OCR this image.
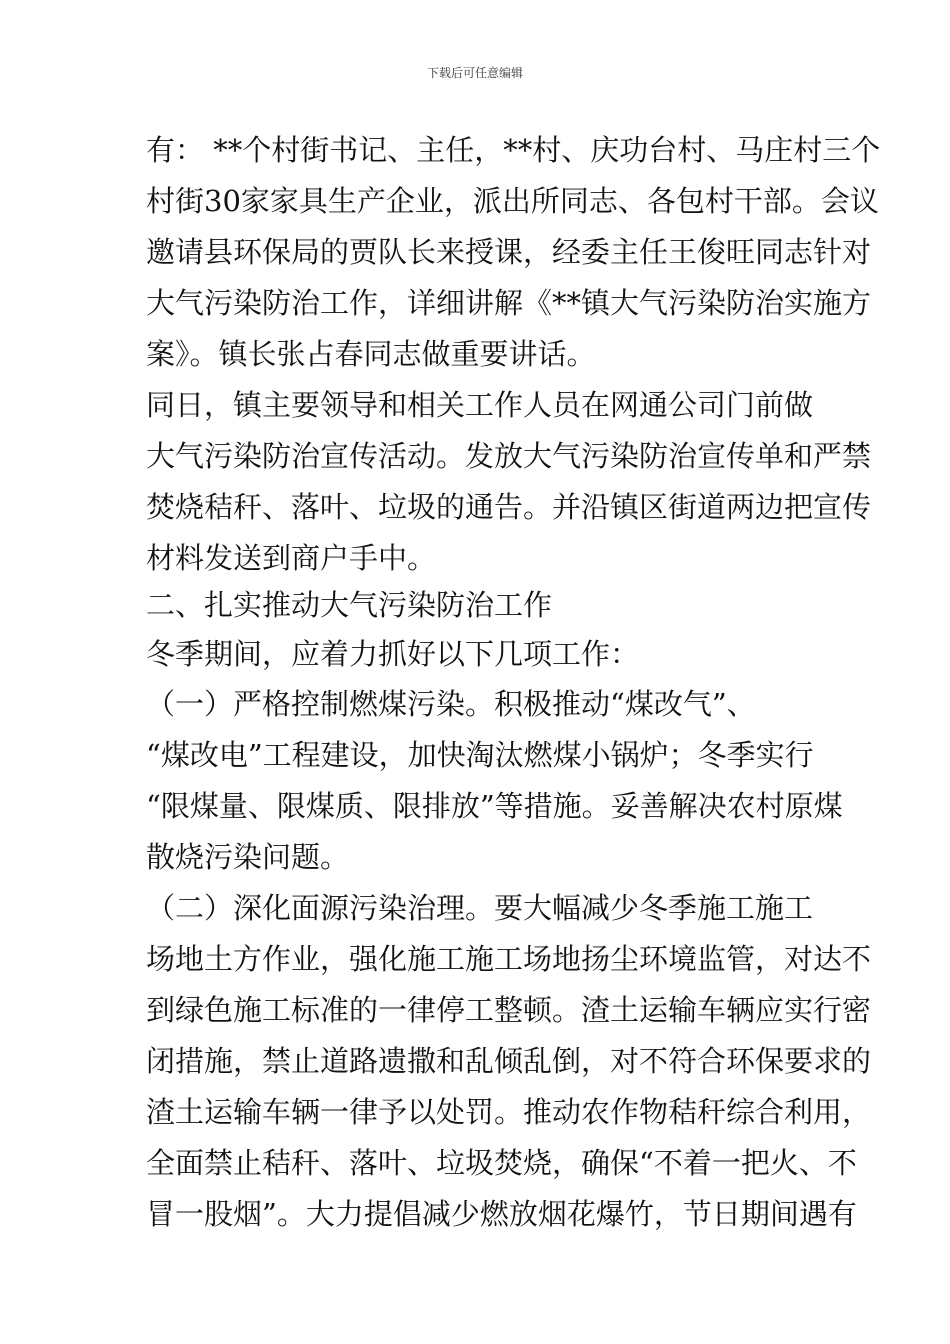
下载后可任意编辑
有： **个村街书记、主任，**村、庆功台村、马庄村三个
村街30家家具生产企业，派出所同志、各包村干部。会议
邀请县环保局的贾队长来授课，经委主任王俊旺同志针对
大气污染防治工作，详细讲解《**镇大气污染防治实施方
案》。镇长张占春同志做重要讲话。
同日，镇主要领导和相关工作人员在网通公司门前做
大气污染防治宣传活动。发放大气污染防治宣传单和严禁
焚烧秸秆、落叶、垃圾的通告。并沿镇区街道两边把宣传
材料发送到商户手中。
二、扎实推动大气污染防治工作
冬季期间，应着力抓好以下几项工作：
（一）严格控制燃煤污染。积极推动“煤改气”、
“煤改电”工程建设，加快淘汰燃煤小锅炉；冬季实行
“限煤量、限煤质、限排放”等措施。妥善解决农村原煤
散烧污染问题。
（二）深化面源污染治理。要大幅减少冬季施工施工
场地土方作业，强化施工施工场地扬尘环境监管，对达不
到绿色施工标准的一律停工整顿。渣土运输车辆应实行密
闭措施，禁止道路遗撒和乱倾乱倒，对不符合环保要求的
渣土运输车辆一律予以处罚。推动农作物秸秆综合利用，
全面禁止秸秆、落叶、垃圾焚烧，确保“不着一把火、不
冒一股烟”。大力提倡减少燃放烟花爆竹，节日期间遇有
